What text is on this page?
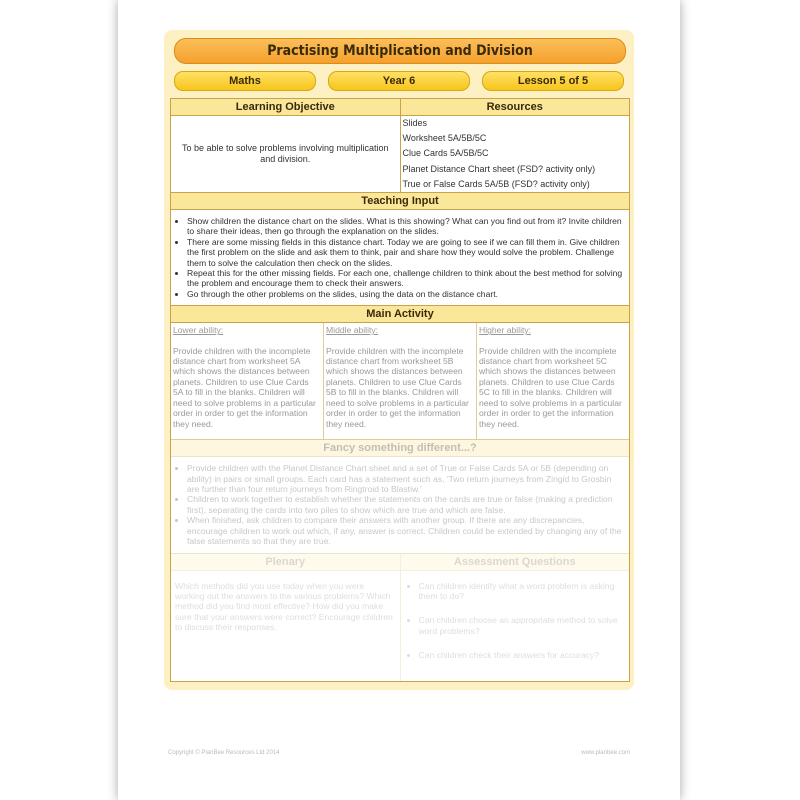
Practising Multiplication and Division
Maths	Year 6	Lesson 5 of 5
Learning Objective
To be able to solve problems involving multiplication and division.
Resources
Slides
Worksheet 5A/5B/5C
Clue Cards 5A/5B/5C
Planet Distance Chart sheet (FSD? activity only)
True or False Cards 5A/5B (FSD? activity only)
Teaching Input
• Show children the distance chart on the slides. What is this showing? What can you find out from it? Invite children to share their ideas, then go through the explanation on the slides.
• There are some missing fields in this distance chart. Today we are going to see if we can fill them in. Give children the first problem on the slide and ask them to think, pair and share how they would solve the problem. Challenge them to solve the calculation then check on the slides.
• Repeat this for the other missing fields. For each one, challenge children to think about the best method for solving the problem and encourage them to check their answers.
• Go through the other problems on the slides, using the data on the distance chart.
Main Activity
Lower ability:
Provide children with the incomplete distance chart from worksheet 5A which shows the distances between planets. Children to use Clue Cards 5A to fill in the blanks. Children will need to solve problems in a particular order in order to get the information they need.
Middle ability:
Provide children with the incomplete distance chart from worksheet 5B which shows the distances between planets. Children to use Clue Cards 5B to fill in the blanks. Children will need to solve problems in a particular order in order to get the information they need.
Higher ability:
Provide children with the incomplete distance chart from worksheet 5C which shows the distances between planets. Children to use Clue Cards 5C to fill in the blanks. Children will need to solve problems in a particular order in order to get the information they need.
Fancy something different...?
• Provide children with the Planet Distance Chart sheet and a set of True or False Cards 5A or 5B (depending on ability) in pairs or small groups. Each card has a statement such as, 'Two return journeys from Zingid to Grosbin are further than four return journeys from Ringtroid to Blastiw.'
• Children to work together to establish whether the statements on the cards are true or false (making a prediction first), separating the cards into two piles to show which are true and which are false.
• When finished, ask children to compare their answers with another group. If there are any discrepancies, encourage children to work out which, if any, answer is correct. Children could be extended by changing any of the false statements so that they are true.
Plenary
Which methods did you use today when you were working out the answers to the various problems? Which method did you find most effective? How did you make sure that your answers were correct? Encourage children to discuss their responses.
Assessment Questions
• Can children identify what a word problem is asking them to do?
• Can children choose an appropriate method to solve word problems?
• Can children check their answers for accuracy?
Copyright © PlanBee Resources Ltd 2014	www.planbee.com
